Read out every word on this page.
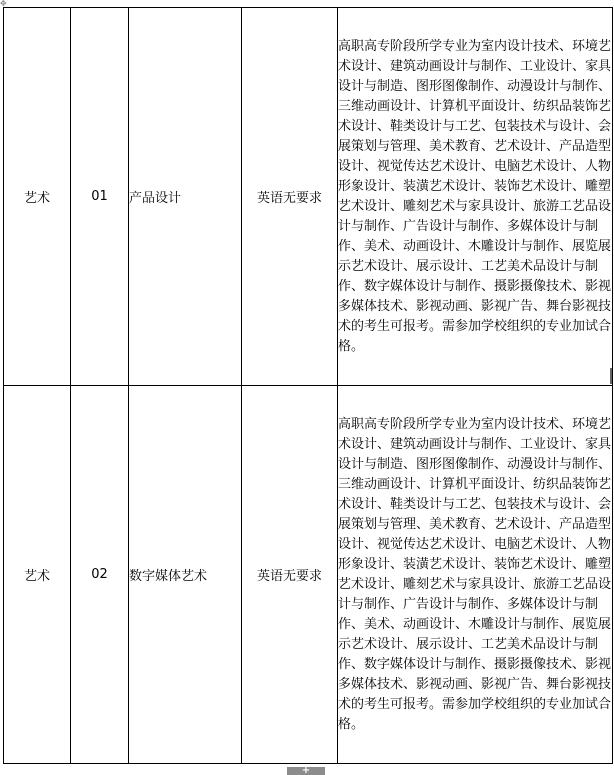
✥
艺术	01	产品设计	英语无要求	高职高专阶段所学专业为室内设计技术、环境艺术设计、建筑动画设计与制作、工业设计、家具设计与制造、图形图像制作、动漫设计与制作、三维动画设计、计算机平面设计、纺织品装饰艺术设计、鞋类设计与工艺、包装技术与设计、会展策划与管理、美术教育、艺术设计、产品造型设计、视觉传达艺术设计、电脑艺术设计、人物形象设计、装潢艺术设计、装饰艺术设计、雕塑艺术设计、雕刻艺术与家具设计、旅游工艺品设计与制作、广告设计与制作、多媒体设计与制作、美术、动画设计、木雕设计与制作、展览展示艺术设计、展示设计、工艺美术品设计与制作、数字媒体设计与制作、摄影摄像技术、影视多媒体技术、影视动画、影视广告、舞台影视技术的考生可报考。需参加学校组织的专业加试合格。
艺术	02	数字媒体艺术	英语无要求	高职高专阶段所学专业为室内设计技术、环境艺术设计、建筑动画设计与制作、工业设计、家具设计与制造、图形图像制作、动漫设计与制作、三维动画设计、计算机平面设计、纺织品装饰艺术设计、鞋类设计与工艺、包装技术与设计、会展策划与管理、美术教育、艺术设计、产品造型设计、视觉传达艺术设计、电脑艺术设计、人物形象设计、装潢艺术设计、装饰艺术设计、雕塑艺术设计、雕刻艺术与家具设计、旅游工艺品设计与制作、广告设计与制作、多媒体设计与制作、美术、动画设计、木雕设计与制作、展览展示艺术设计、展示设计、工艺美术品设计与制作、数字媒体设计与制作、摄影摄像技术、影视多媒体技术、影视动画、影视广告、舞台影视技术的考生可报考。需参加学校组织的专业加试合格。
+
